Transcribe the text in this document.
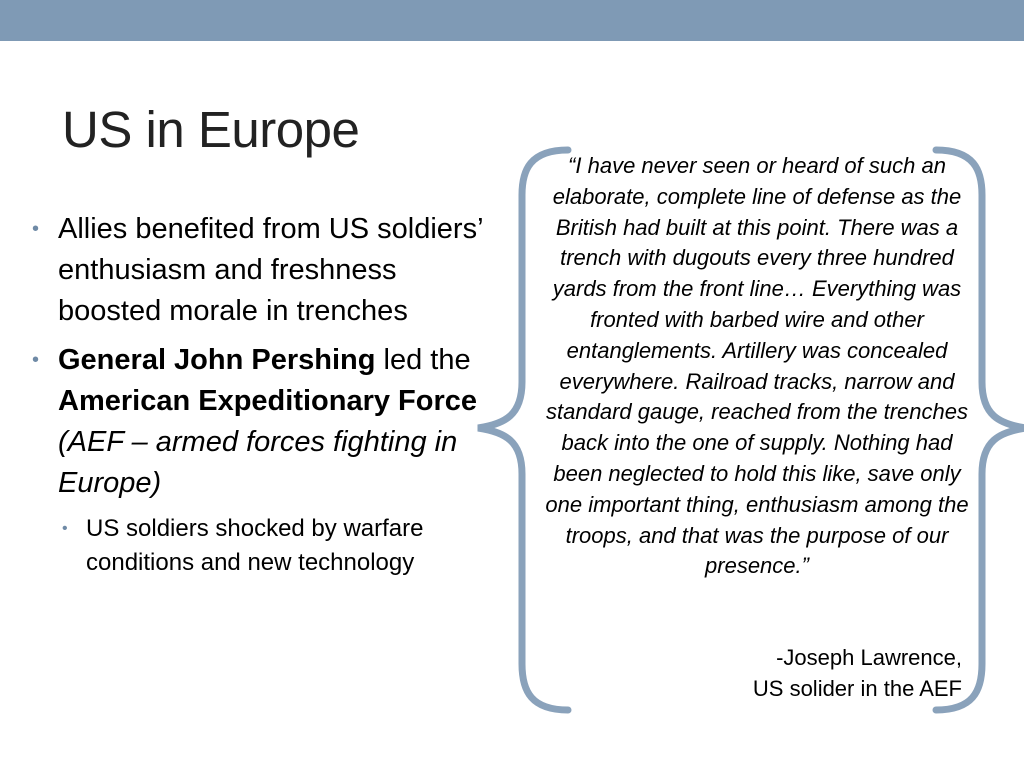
US in Europe
• Allies benefited from US soldiers’ enthusiasm and freshness boosted morale in trenches
• General John Pershing led the American Expeditionary Force (AEF – armed forces fighting in Europe)
• US soldiers shocked by warfare conditions and new technology
“I have never seen or heard of such an elaborate, complete line of defense as the British had built at this point. There was a trench with dugouts every three hundred yards from the front line… Everything was fronted with barbed wire and other entanglements. Artillery was concealed everywhere. Railroad tracks, narrow and standard gauge, reached from the trenches back into the one of supply. Nothing had been neglected to hold this like, save only one important thing, enthusiasm among the troops, and that was the purpose of our presence.”
-Joseph Lawrence,
US solider in the AEF
